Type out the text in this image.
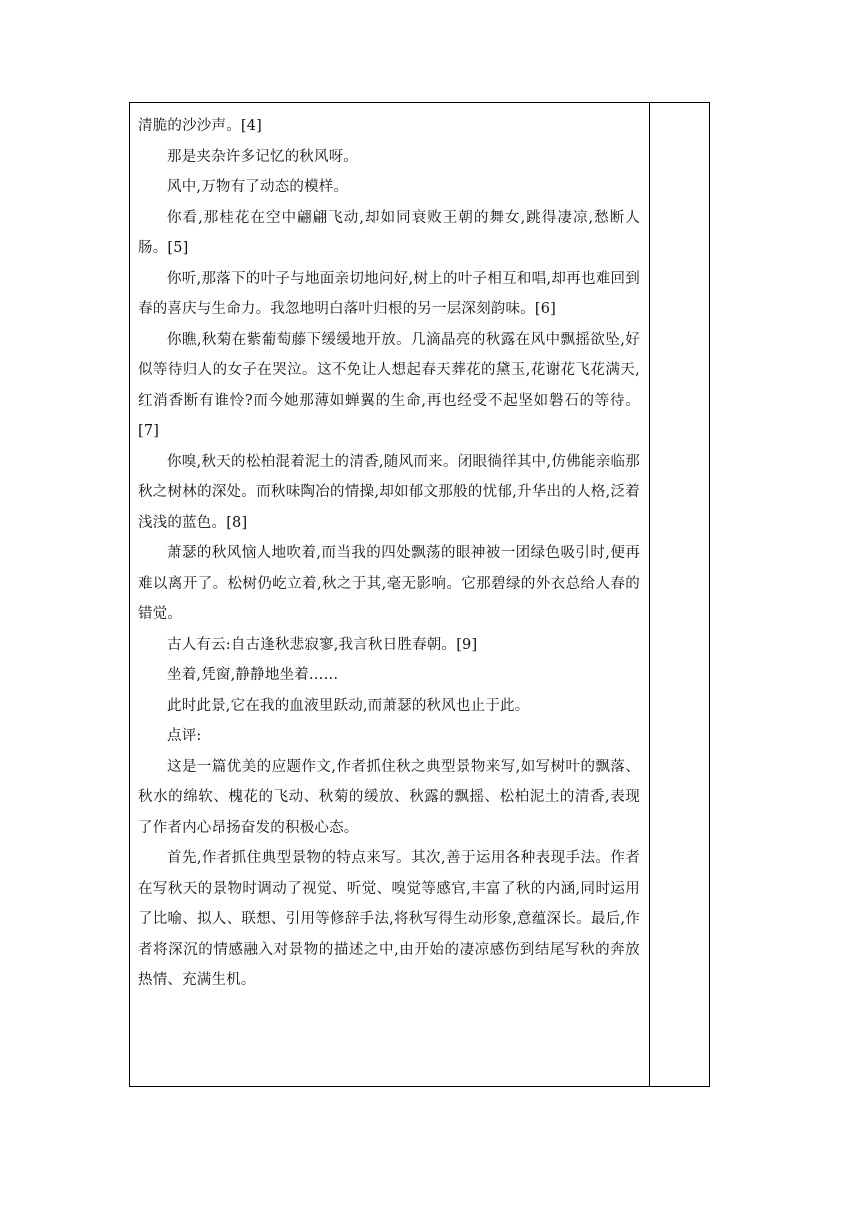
清脆的沙沙声。[4]

那是夹杂许多记忆的秋风呀。

风中,万物有了动态的模样。

你看,那桂花在空中翩翩飞动,却如同衰败王朝的舞女,跳得凄凉,愁断人肠。[5]

你听,那落下的叶子与地面亲切地问好,树上的叶子相互和唱,却再也难回到春的喜庆与生命力。我忽地明白落叶归根的另一层深刻韵味。[6]

你瞧,秋菊在紫葡萄藤下缓缓地开放。几滴晶亮的秋露在风中飘摇欲坠,好似等待归人的女子在哭泣。这不免让人想起春天葬花的黛玉,花谢花飞花满天,红消香断有谁怜?而今她那薄如蝉翼的生命,再也经受不起坚如磐石的等待。[7]

你嗅,秋天的松柏混着泥土的清香,随风而来。闭眼徜徉其中,仿佛能亲临那秋之树林的深处。而秋味陶冶的情操,却如郁文那般的忧郁,升华出的人格,泛着浅浅的蓝色。[8]

萧瑟的秋风恼人地吹着,而当我的四处飘荡的眼神被一团绿色吸引时,便再难以离开了。松树仍屹立着,秋之于其,毫无影响。它那碧绿的外衣总给人春的错觉。

古人有云:自古逢秋悲寂寥,我言秋日胜春朝。[9]

坐着,凭窗,静静地坐着……

此时此景,它在我的血液里跃动,而萧瑟的秋风也止于此。

点评:

这是一篇优美的应题作文,作者抓住秋之典型景物来写,如写树叶的飘落、秋水的绵软、槐花的飞动、秋菊的缓放、秋露的飘摇、松柏泥土的清香,表现了作者内心昂扬奋发的积极心态。

首先,作者抓住典型景物的特点来写。其次,善于运用各种表现手法。作者在写秋天的景物时调动了视觉、听觉、嗅觉等感官,丰富了秋的内涵,同时运用了比喻、拟人、联想、引用等修辞手法,将秋写得生动形象,意蕴深长。最后,作者将深沉的情感融入对景物的描述之中,由开始的凄凉感伤到结尾写秋的奔放热情、充满生机。
